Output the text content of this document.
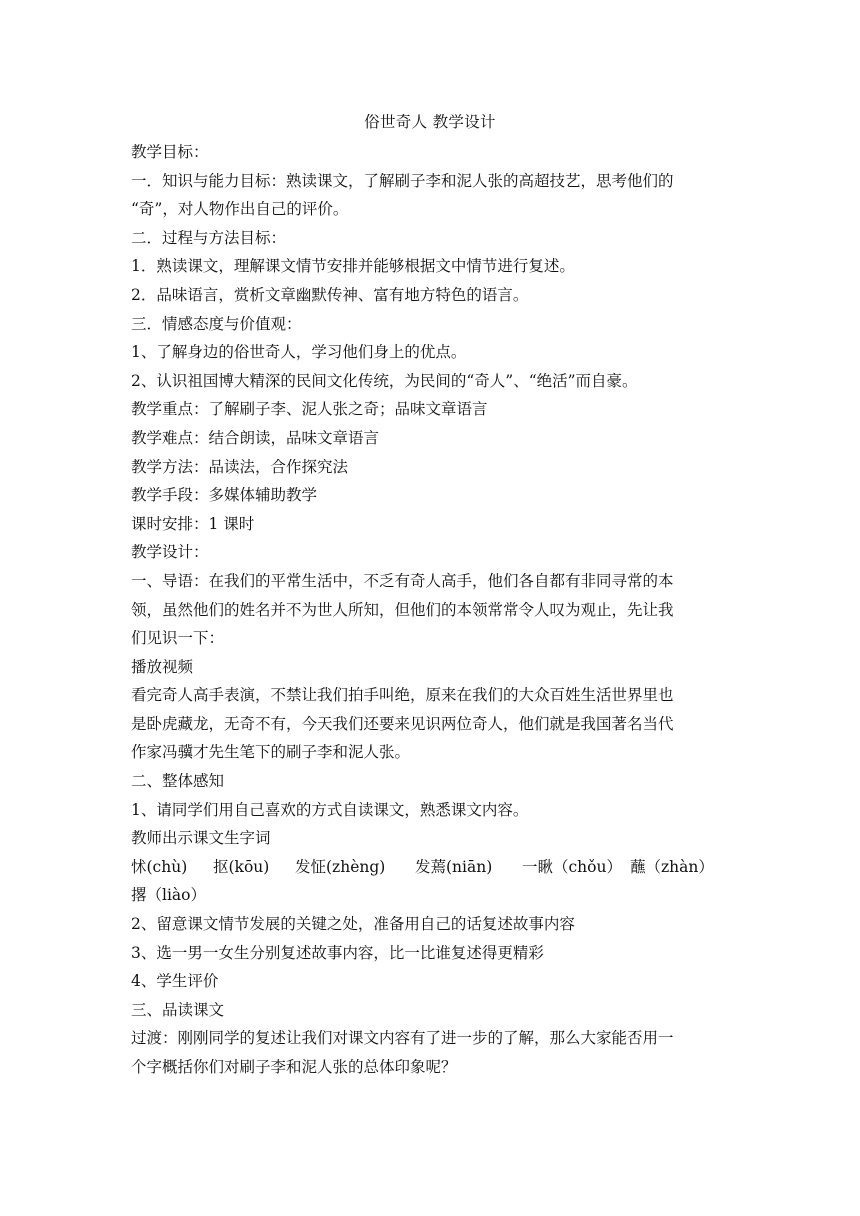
俗世奇人 教学设计

教学目标：

一．知识与能力目标：熟读课文，了解刷子李和泥人张的高超技艺，思考他们的

“奇”，对人物作出自己的评价。

二．过程与方法目标：

1．熟读课文，理解课文情节安排并能够根据文中情节进行复述。

2．品味语言，赏析文章幽默传神、富有地方特色的语言。

三．情感态度与价值观：

1、了解身边的俗世奇人，学习他们身上的优点。

2、认识祖国博大精深的民间文化传统，为民间的“奇人”、“绝活”而自豪。

教学重点：了解刷子李、泥人张之奇；品味文章语言

教学难点：结合朗读，品味文章语言

教学方法：品读法，合作探究法

教学手段：多媒体辅助教学

课时安排：1 课时

教学设计：

一、导语：在我们的平常生活中，不乏有奇人高手，他们各自都有非同寻常的本

领，虽然他们的姓名并不为世人所知，但他们的本领常常令人叹为观止，先让我

们见识一下：

播放视频

看完奇人高手表演，不禁让我们拍手叫绝，原来在我们的大众百姓生活世界里也

是卧虎藏龙，无奇不有，今天我们还要来见识两位奇人，他们就是我国著名当代

作家冯骥才先生笔下的刷子李和泥人张。

二、整体感知

1、请同学们用自己喜欢的方式自读课文，熟悉课文内容。

教师出示课文生字词

怵(chù)	抠(kōu)	发怔(zhèng)	发蔫(niān)	一瞅（chǒu） 蘸（zhàn）

撂（liào）

2、留意课文情节发展的关键之处，准备用自己的话复述故事内容

3、选一男一女生分别复述故事内容，比一比谁复述得更精彩

4、学生评价

三、品读课文

过渡：刚刚同学的复述让我们对课文内容有了进一步的了解，那么大家能否用一

个字概括你们对刷子李和泥人张的总体印象呢？
